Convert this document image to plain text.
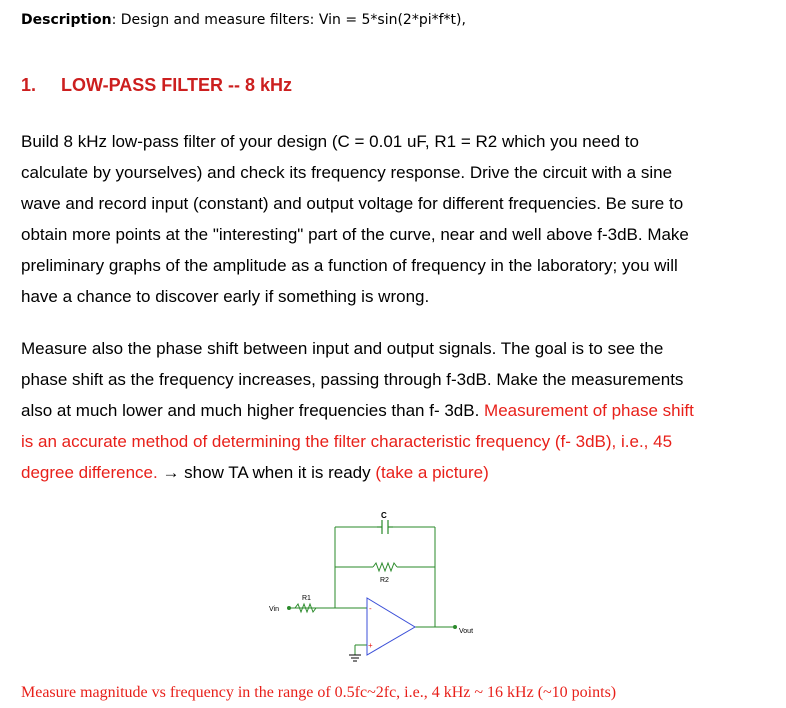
Description: Design and measure filters: Vin = 5*sin(2*pi*f*t),
1. LOW-PASS FILTER -- 8 kHz
Build 8 kHz low-pass filter of your design (C = 0.01 uF, R1 = R2 which you need to
calculate by yourselves) and check its frequency response. Drive the circuit with a sine
wave and record input (constant) and output voltage for different frequencies. Be sure to
obtain more points at the "interesting" part of the curve, near and well above f-3dB. Make
preliminary graphs of the amplitude as a function of frequency in the laboratory; you will
have a chance to discover early if something is wrong.
Measure also the phase shift between input and output signals. The goal is to see the
phase shift as the frequency increases, passing through f-3dB. Make the measurements
also at much lower and much higher frequencies than f- 3dB. Measurement of phase shift
is an accurate method of determining the filter characteristic frequency (f- 3dB), i.e., 45
degree difference. → show TA when it is ready (take a picture)
C
R2
R1
Vin
Vout
-
+
Measure magnitude vs frequency in the range of 0.5fc~2fc, i.e., 4 kHz ~ 16 kHz (~10 points)
